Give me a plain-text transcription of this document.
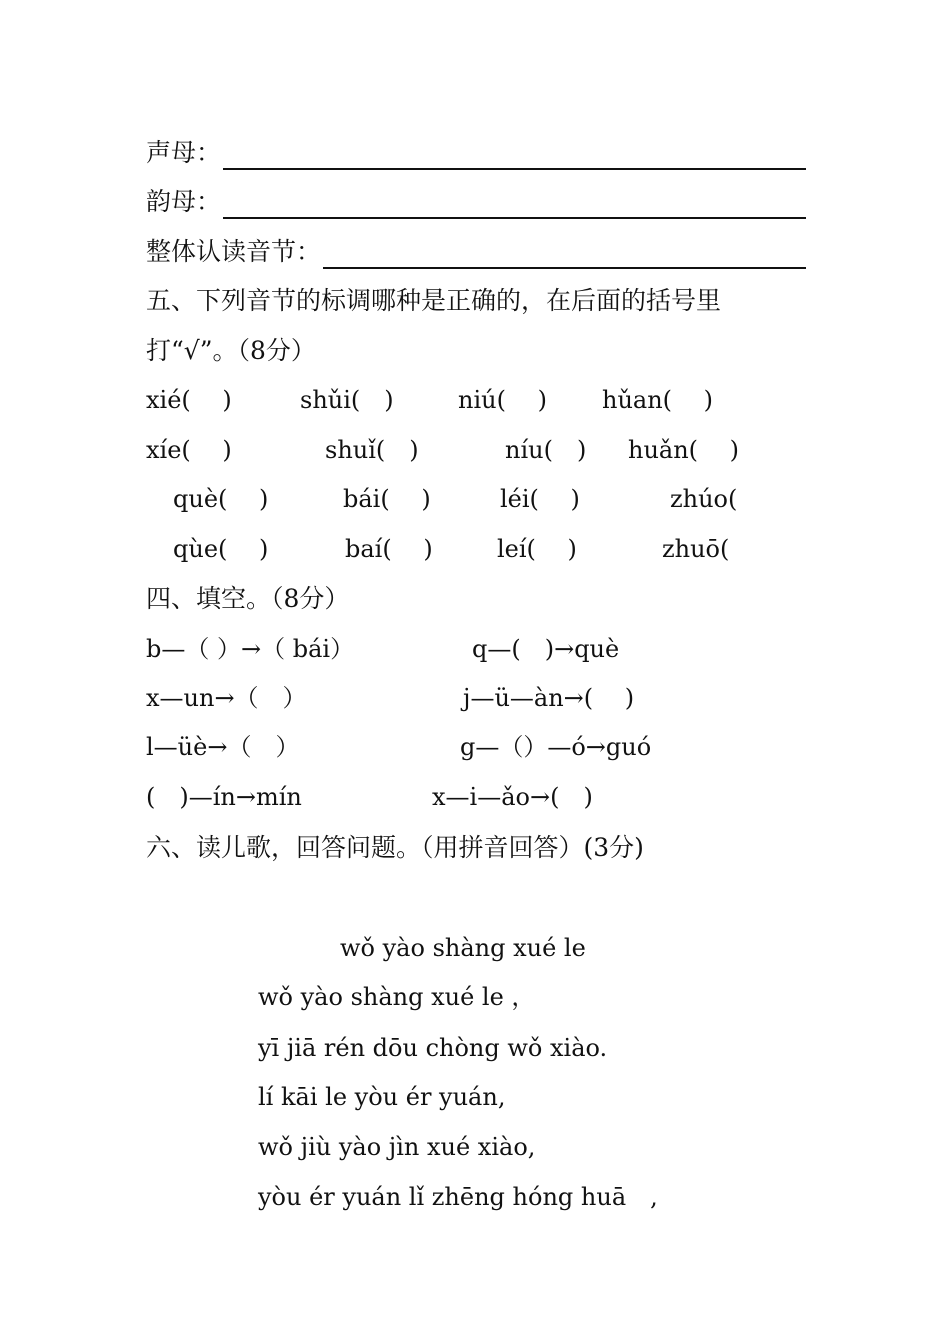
声母：
韵母：
整体认读音节：
五、下列音节的标调哪种是正确的，在后面的括号里
打“√”。（8分）
xié(　 )	shǔi(　)	niú(　 ) hǔan(　 )
xíe(　 )	shuǐ(　)	níu(　) huǎn(　 )
què(　 )	bái(　 )	léi(　 )	zhúo(
qùe(　 )	baí(　 )	leí(　 )	zhuō(
四、填空。（8分）
b—（ ）→（ bái）	q—(　)→què
x—un→（　）	j—ü—àn→(　 )
l—üè→（　）	g—（）—ó→guó
(　)—ín→mín	x—i—ǎo→(　)
六、读儿歌，回答问题。（用拼音回答）(3分)
wǒ yào shàng xué le
wǒ yào shàng xué le ，
yī jiā rén dōu chòng wǒ xiào.
lí kāi le yòu ér yuán,
wǒ jiù yào jìn xué xiào,
yòu ér yuán lǐ zhēng hóng huā　,
